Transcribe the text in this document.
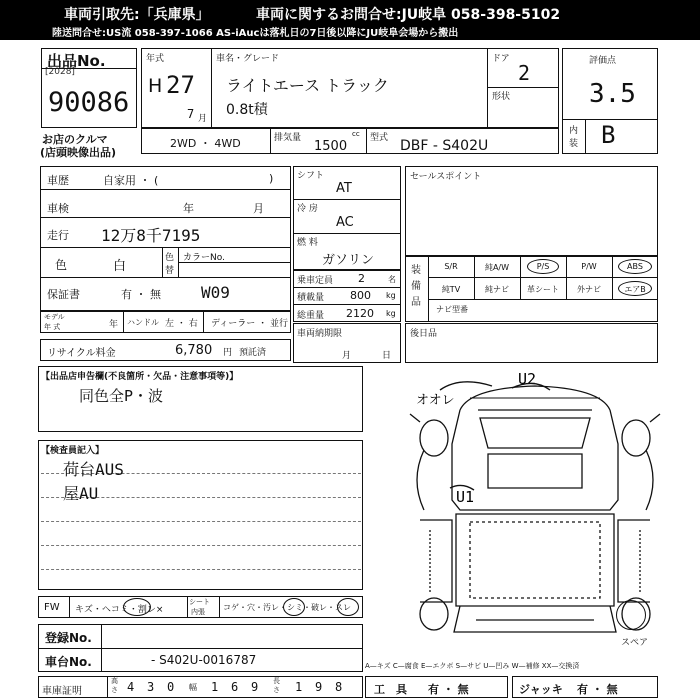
車両引取先:「兵庫県」	車両に関するお問合せ:JU岐阜 058-398-5102
陸送問合せ:US流 058-397-1066 AS-iAucは落札日の7日後以降にJU岐阜会場から搬出
出品No.
[2028]
90086
お店のクルマ
(店頭映像出品)
年式
H 27
7 月
車名・グレード
ライトエース トラック
0.8t積
ドア
2
形状
評価点
3.5
内
装 B
2WD ・ 4WD	排気量	cc
1500
型式 DBF - S402U
車歴	自家用 ・ (	)
車検	年	月
走行 12万8千7195
色	白
色
替
カラーNo.
保証書	有 ・ 無	W09
モデル
年 式	年 ハンドル 左 ・ 右 ディーラー ・ 並行
リサイクル料金	6,780 円 預託済
シフト
AT
冷 房
AC
燃 料
ガソリン
乗車定員 2	名
積載量 800 kg
総重量 2120 kg
車両納期限
月	日
セールスポイント
装備品
S/R	純A/W	P/S	P/W	ABS
純TV	純ナビ	革シート	外ナビ	エアB
ナビ型番
後日品
【出品店申告欄(不良箇所・欠品・注意事項等)】
同色全P・波
【検査員記入】
荷台AUS
屋AU
U2
オオレ
U1
スペア
FW キズ・ヘコミ・割レ×
シート
内張 コゲ・穴・汚レ・シミ・破レ・スレ
登録No.
車台No.	- S402U-0016787	A—キズ C—腐食 E—エクボ S—サビ U—凹み W—補修 XX—交換済
車庫証明
高さ 4 3 0 幅 1 6 9 長さ 1 9 8	工　具 有 ・ 無	ジャッキ 有 ・ 無
